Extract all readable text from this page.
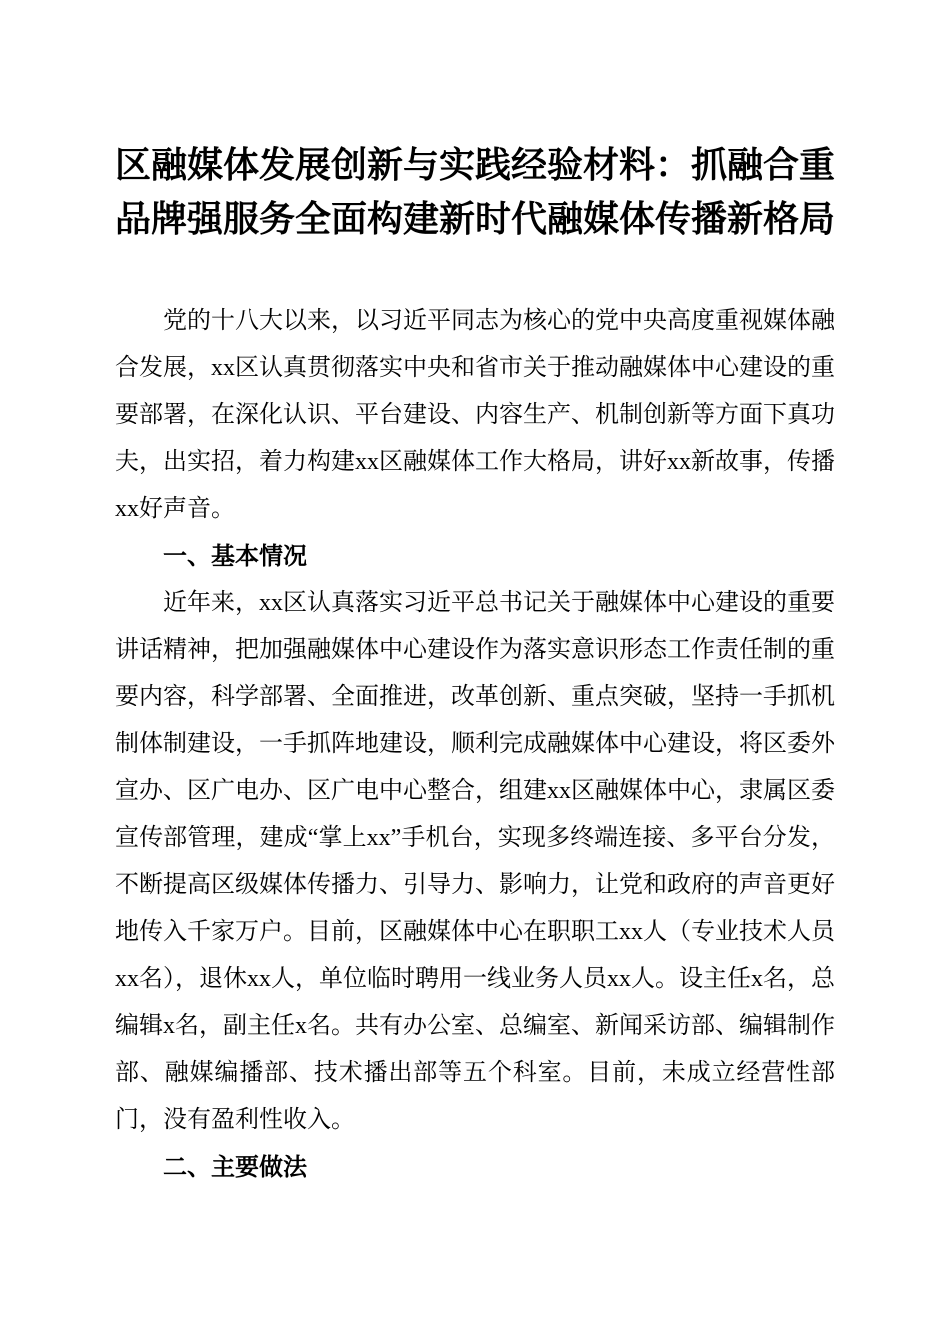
区融媒体发展创新与实践经验材料：抓融合重品牌强服务全面构建新时代融媒体传播新格局

党的十八大以来，以习近平同志为核心的党中央高度重视媒体融合发展，xx区认真贯彻落实中央和省市关于推动融媒体中心建设的重要部署，在深化认识、平台建设、内容生产、机制创新等方面下真功夫，出实招，着力构建xx区融媒体工作大格局，讲好xx新故事，传播xx好声音。

一、基本情况

近年来，xx区认真落实习近平总书记关于融媒体中心建设的重要讲话精神，把加强融媒体中心建设作为落实意识形态工作责任制的重要内容，科学部署、全面推进，改革创新、重点突破，坚持一手抓机制体制建设，一手抓阵地建设，顺利完成融媒体中心建设，将区委外宣办、区广电办、区广电中心整合，组建xx区融媒体中心，隶属区委宣传部管理，建成“掌上xx”手机台，实现多终端连接、多平台分发，不断提高区级媒体传播力、引导力、影响力，让党和政府的声音更好地传入千家万户。目前，区融媒体中心在职职工xx人（专业技术人员xx名），退休xx人，单位临时聘用一线业务人员xx人。设主任x名，总编辑x名，副主任x名。共有办公室、总编室、新闻采访部、编辑制作部、融媒编播部、技术播出部等五个科室。目前，未成立经营性部门，没有盈利性收入。

二、主要做法
